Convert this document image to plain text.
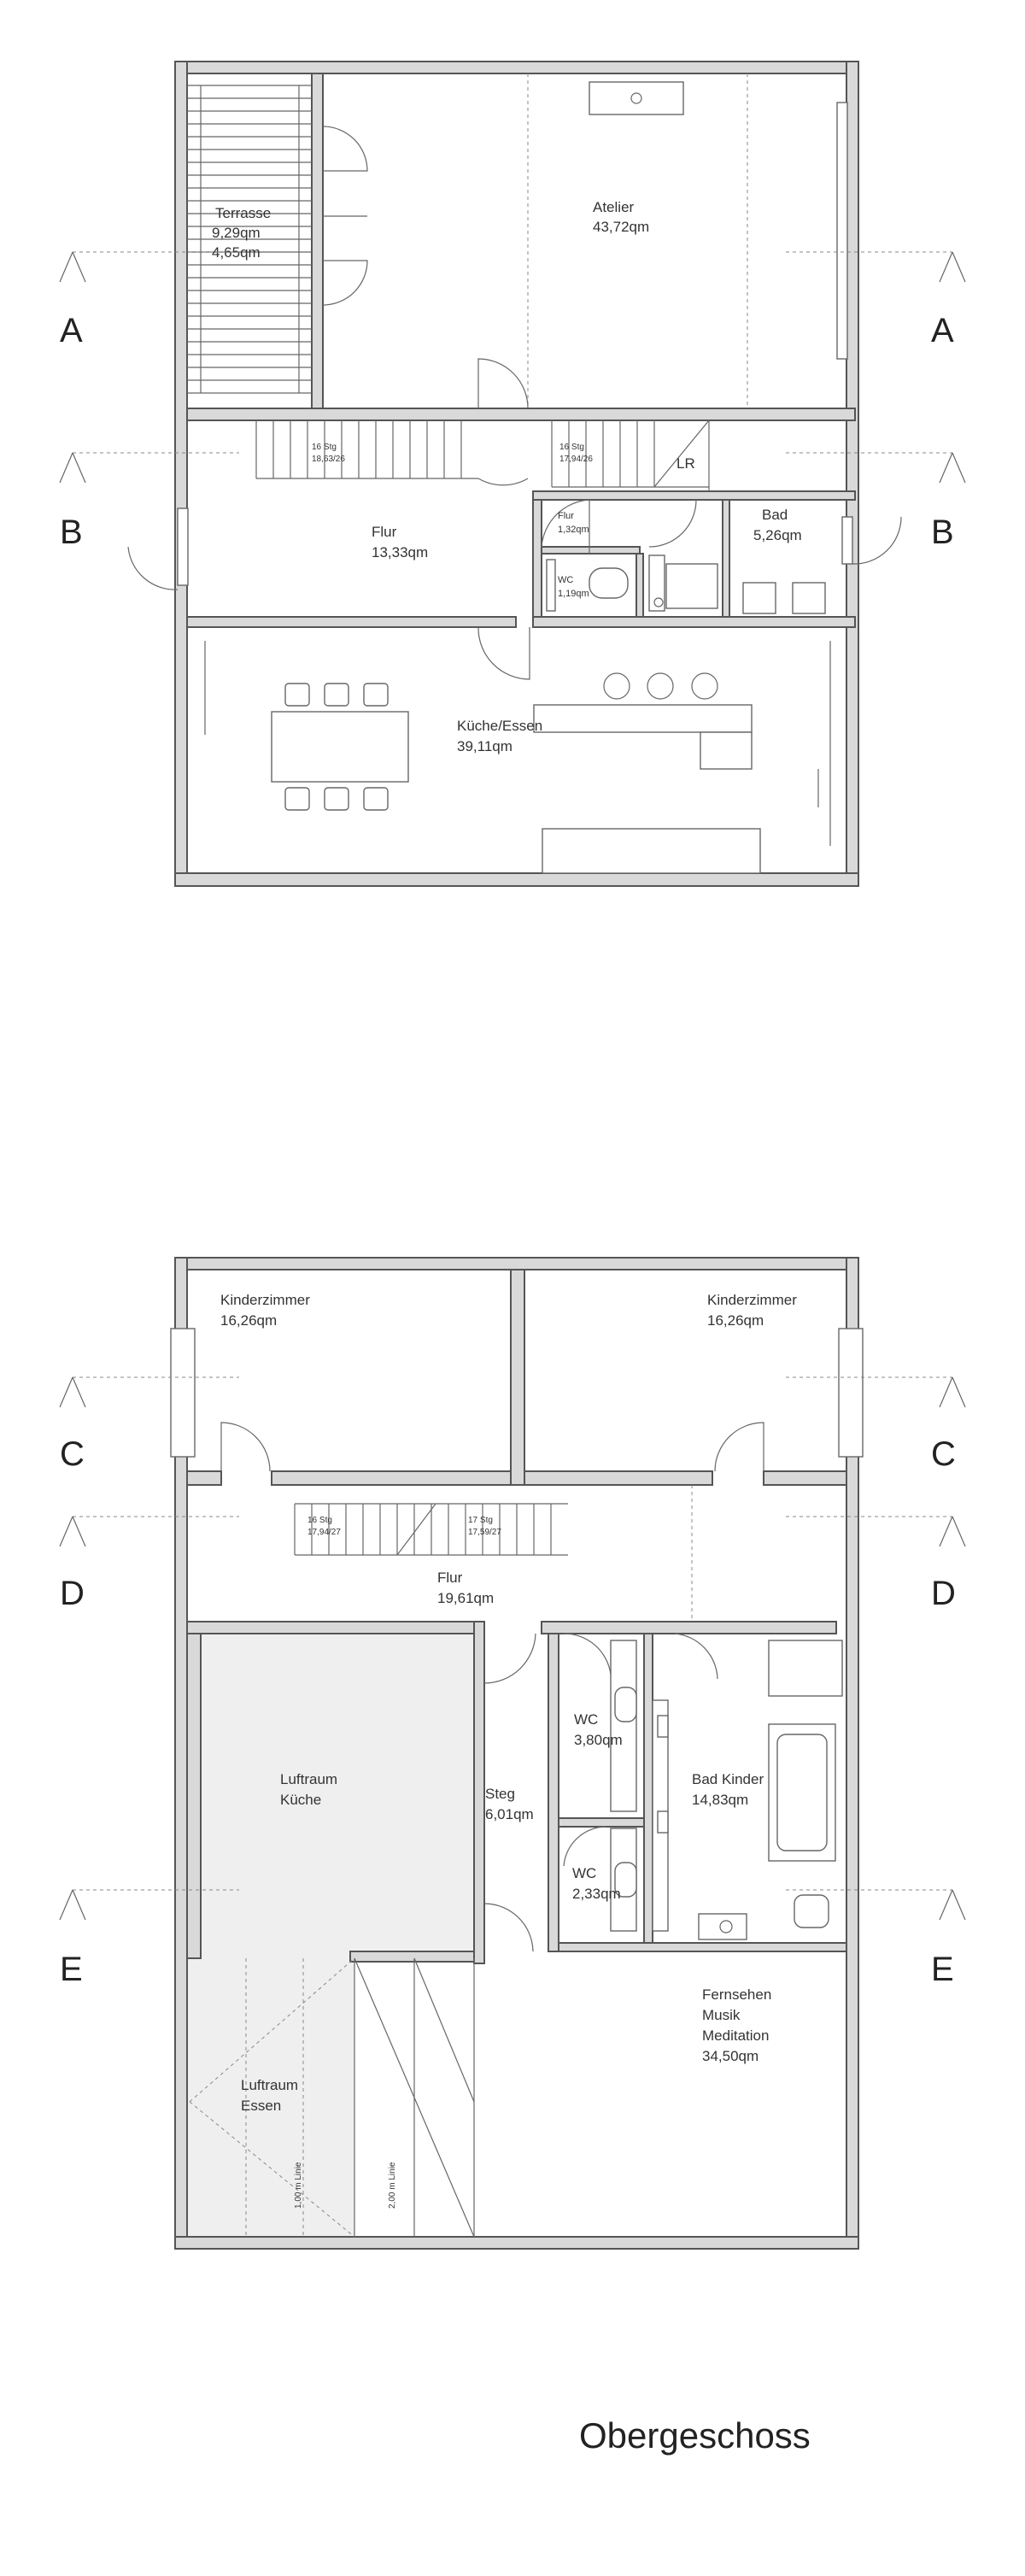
Terrasse
9,29qm
4,65qm
Atelier
43,72qm
Flur
13,33qm
Flur
1,32qm
Bad
5,26qm
WC
1,19qm
Küche/Essen
39,11qm
16 Stg
18,63/26
16 Stg
17,94/26	LR
A	A
B	B
Kinderzimmer
16,26qm
Kinderzimmer
16,26qm
Flur
19,61qm
16 Stg
17,94/27
17 Stg
17,59/27
WC
3,80qm
Bad Kinder
14,83qm
Luftraum
Küche	Steg
6,01qm
WC
2,33qm
Fernsehen
Musik
Meditation
34,50qm
Luftraum
Essen
1,00 m Linie	2,00 m Linie
C	C
D	D
E	E
Obergeschoss
